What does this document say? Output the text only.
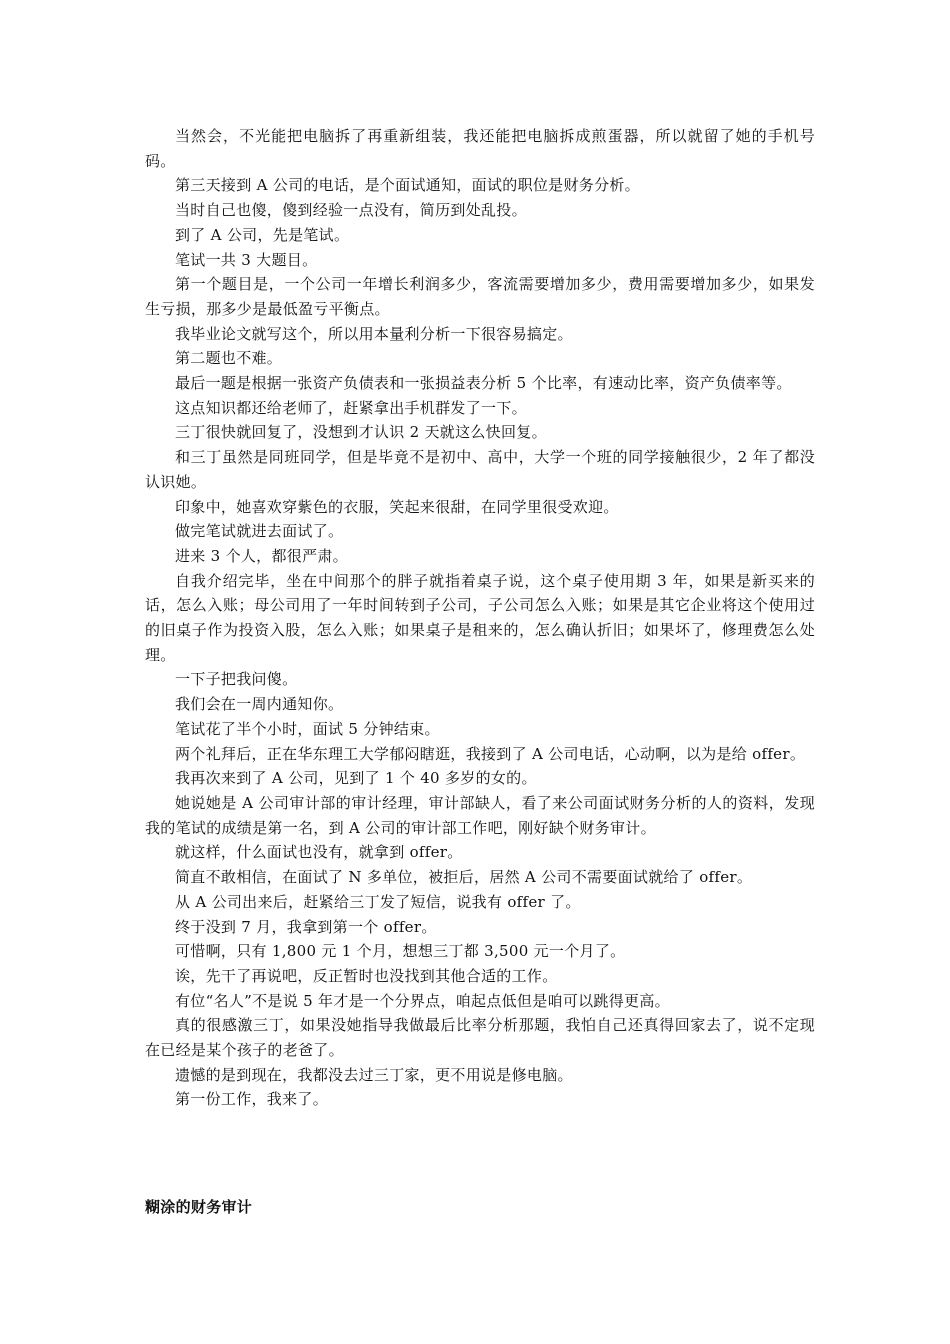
当然会，不光能把电脑拆了再重新组装，我还能把电脑拆成煎蛋器，所以就留了她的手机号码。

第三天接到 A 公司的电话，是个面试通知，面试的职位是财务分析。

当时自己也傻，傻到经验一点没有，简历到处乱投。

到了 A 公司，先是笔试。

笔试一共 3 大题目。

第一个题目是，一个公司一年增长利润多少，客流需要增加多少，费用需要增加多少，如果发生亏损，那多少是最低盈亏平衡点。

我毕业论文就写这个，所以用本量利分析一下很容易搞定。

第二题也不难。

最后一题是根据一张资产负债表和一张损益表分析 5 个比率，有速动比率，资产负债率等。

这点知识都还给老师了，赶紧拿出手机群发了一下。

三丁很快就回复了，没想到才认识 2 天就这么快回复。

和三丁虽然是同班同学，但是毕竟不是初中、高中，大学一个班的同学接触很少，2 年了都没认识她。

印象中，她喜欢穿紫色的衣服，笑起来很甜，在同学里很受欢迎。

做完笔试就进去面试了。

进来 3 个人，都很严肃。

自我介绍完毕，坐在中间那个的胖子就指着桌子说，这个桌子使用期 3 年，如果是新买来的话，怎么入账；母公司用了一年时间转到子公司，子公司怎么入账；如果是其它企业将这个使用过的旧桌子作为投资入股，怎么入账；如果桌子是租来的，怎么确认折旧；如果坏了，修理费怎么处理。

一下子把我问傻。

我们会在一周内通知你。

笔试花了半个小时，面试 5 分钟结束。

两个礼拜后，正在华东理工大学郁闷瞎逛，我接到了 A 公司电话，心动啊，以为是给 offer。

我再次来到了 A 公司，见到了 1 个 40 多岁的女的。

她说她是 A 公司审计部的审计经理，审计部缺人，看了来公司面试财务分析的人的资料，发现我的笔试的成绩是第一名，到 A 公司的审计部工作吧，刚好缺个财务审计。

就这样，什么面试也没有，就拿到 offer。

简直不敢相信，在面试了 N 多单位，被拒后，居然 A 公司不需要面试就给了 offer。

从 A 公司出来后，赶紧给三丁发了短信，说我有 offer 了。

终于没到 7 月，我拿到第一个 offer。

可惜啊，只有 1,800 元 1 个月，想想三丁都 3,500 元一个月了。

诶，先干了再说吧，反正暂时也没找到其他合适的工作。

有位“名人”不是说 5 年才是一个分界点，咱起点低但是咱可以跳得更高。

真的很感激三丁，如果没她指导我做最后比率分析那题，我怕自己还真得回家去了，说不定现在已经是某个孩子的老爸了。

遗憾的是到现在，我都没去过三丁家，更不用说是修电脑。

第一份工作，我来了。

糊涂的财务审计
